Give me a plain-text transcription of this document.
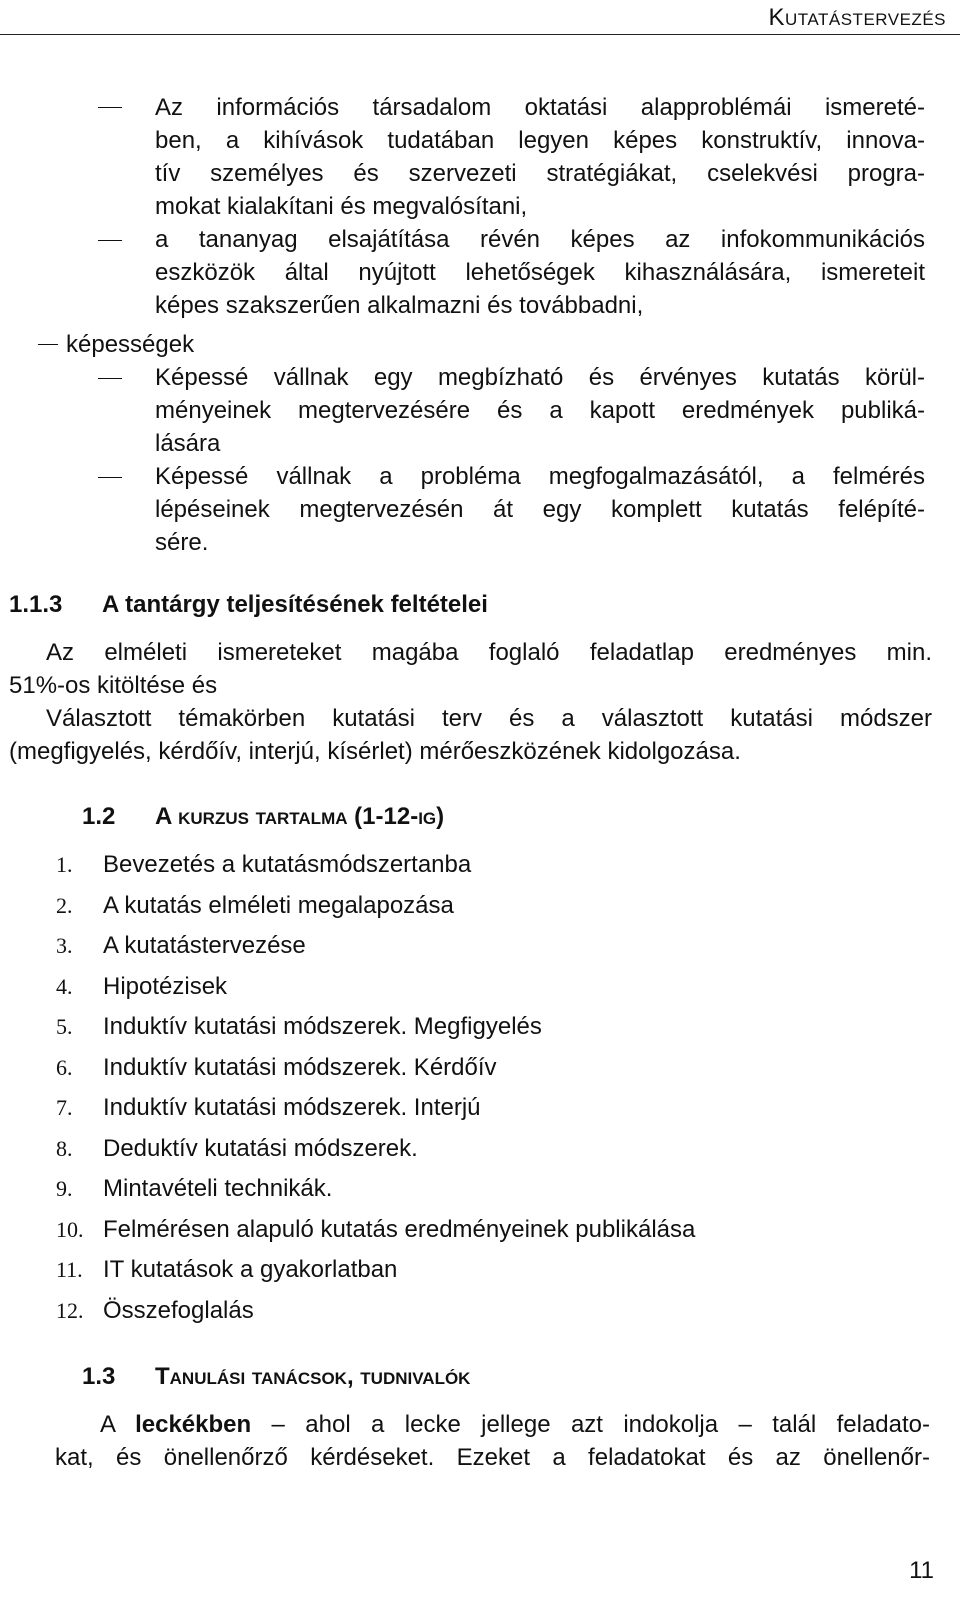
Kutatástervezés
Az információs társadalom oktatási alapproblémái ismereté-
ben, a kihívások tudatában legyen képes konstruktív, innova-
tív személyes és szervezeti stratégiákat, cselekvési progra-
mokat kialakítani és megvalósítani,
a tananyag elsajátítása révén képes az infokommunikációs
eszközök által nyújtott lehetőségek kihasználására, ismereteit
képes szakszerűen alkalmazni és továbbadni,
képességek
Képessé vállnak egy megbízható és érvényes kutatás körül-
ményeinek megtervezésére és a kapott eredmények publiká-
lására
Képessé vállnak a probléma megfogalmazásától, a felmérés
lépéseinek megtervezésén át egy komplett kutatás felépíté-
sére.
1.1.3 A tantárgy teljesítésének feltételei
Az elméleti ismereteket magába foglaló feladatlap eredményes min.
51%-os kitöltése és
Választott témakörben kutatási terv és a választott kutatási módszer
(megfigyelés, kérdőív, interjú, kísérlet) mérőeszközének kidolgozása.
1.2 A kurzus tartalma (1-12-ig)
1.	Bevezetés a kutatásmódszertanba
2.	A kutatás elméleti megalapozása
3.	A kutatástervezése
4.	Hipotézisek
5.	Induktív kutatási módszerek. Megfigyelés
6.	Induktív kutatási módszerek. Kérdőív
7.	Induktív kutatási módszerek. Interjú
8.	Deduktív kutatási módszerek.
9.	Mintavételi technikák.
10. Felmérésen alapuló kutatás eredményeinek publikálása
11. IT kutatások a gyakorlatban
12. Összefoglalás
1.3 Tanulási tanácsok, tudnivalók
A leckékben – ahol a lecke jellege azt indokolja – talál feladato-
kat, és önellenőrző kérdéseket. Ezeket a feladatokat és az önellenőr-
11
